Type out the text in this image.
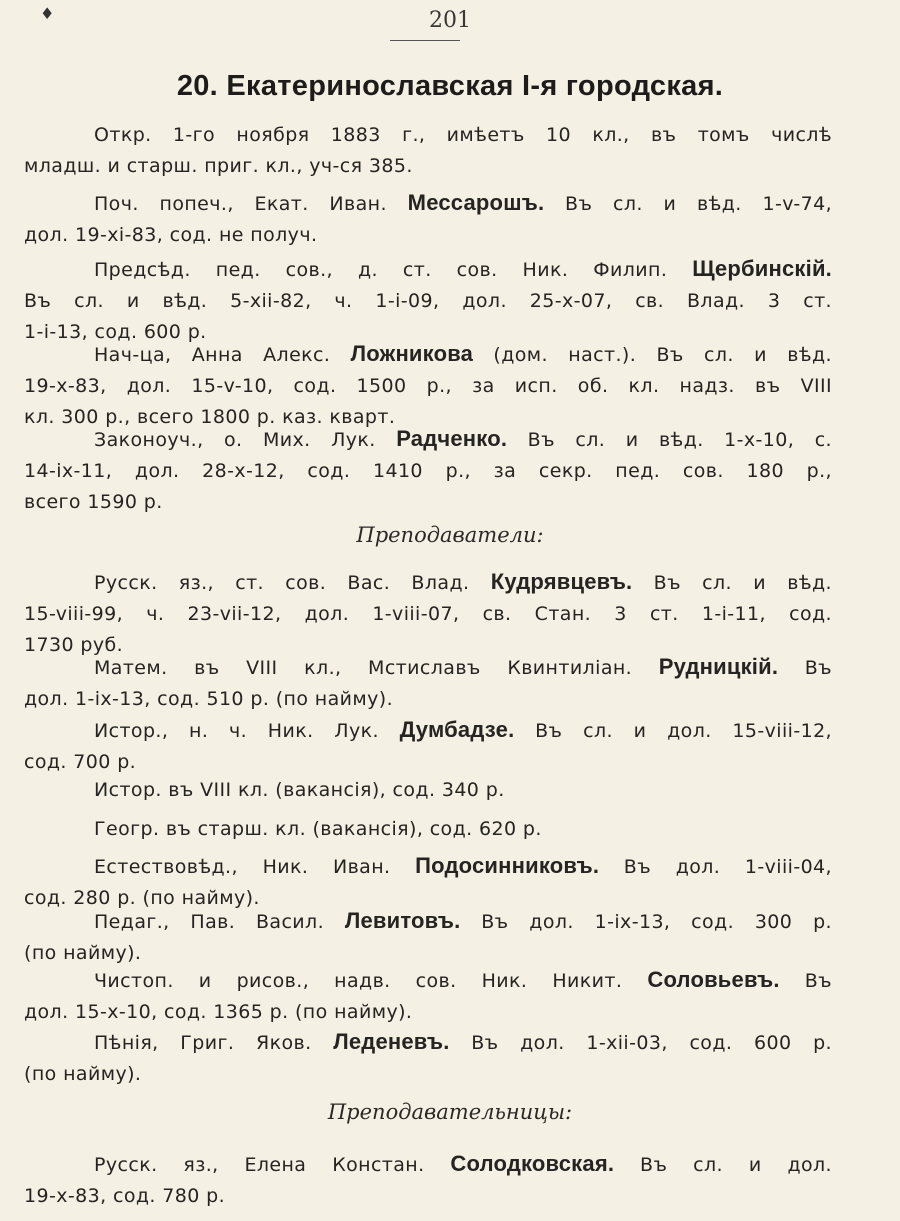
♦	201
20. Екатеринославская I-я городская.
Откр. 1-го ноября 1883 г., имѣетъ 10 кл., въ томъ числѣ
младш. и старш. приг. кл., уч-ся 385.
Поч. попеч., Екат. Иван. Мессарошъ. Въ сл. и вѣд. 1-v-74,
дол. 19-xi-83, сод. не получ.
Предсѣд. пед. сов., д. ст. сов. Ник. Филип. Щербинскій.
Въ сл. и вѣд. 5-xii-82, ч. 1-i-09, дол. 25-x-07, св. Влад. 3 ст.
1-i-13, сод. 600 р.
Нач-ца, Анна Алекс. Ложникова (дом. наст.). Въ сл. и вѣд.
19-x-83, дол. 15-v-10, сод. 1500 р., за исп. об. кл. надз. въ VIII
кл. 300 р., всего 1800 р. каз. кварт.
Законоуч., о. Мих. Лук. Радченко. Въ сл. и вѣд. 1-x-10, с.
14-ix-11, дол. 28-x-12, сод. 1410 р., за секр. пед. сов. 180 р.,
всего 1590 р.
Преподаватели:
Русск. яз., ст. сов. Вас. Влад. Кудрявцевъ. Въ сл. и вѣд.
15-viii-99, ч. 23-vii-12, дол. 1-viii-07, св. Стан. 3 ст. 1-i-11, сод.
1730 руб.
Матем. въ VIII кл., Мстиславъ Квинтиліан. Рудницкій. Въ
дол. 1-ix-13, сод. 510 р. (по найму).
Истор., н. ч. Ник. Лук. Думбадзе. Въ сл. и дол. 15-viii-12,
сод. 700 р.
Истор. въ VIII кл. (вакансія), сод. 340 р.
Геогр. въ старш. кл. (вакансія), сод. 620 р.
Естествовѣд., Ник. Иван. Подосинниковъ. Въ дол. 1-viii-04,
сод. 280 р. (по найму).
Педаг., Пав. Васил. Левитовъ. Въ дол. 1-ix-13, сод. 300 р.
(по найму).
Чистоп. и рисов., надв. сов. Ник. Никит. Соловьевъ. Въ
дол. 15-x-10, сод. 1365 р. (по найму).
Пѣнія, Григ. Яков. Леденевъ. Въ дол. 1-xii-03, сод. 600 р.
(по найму).
Преподавательницы:
Русск. яз., Елена Констан. Солодковская. Въ сл. и дол.
19-x-83, сод. 780 р.
